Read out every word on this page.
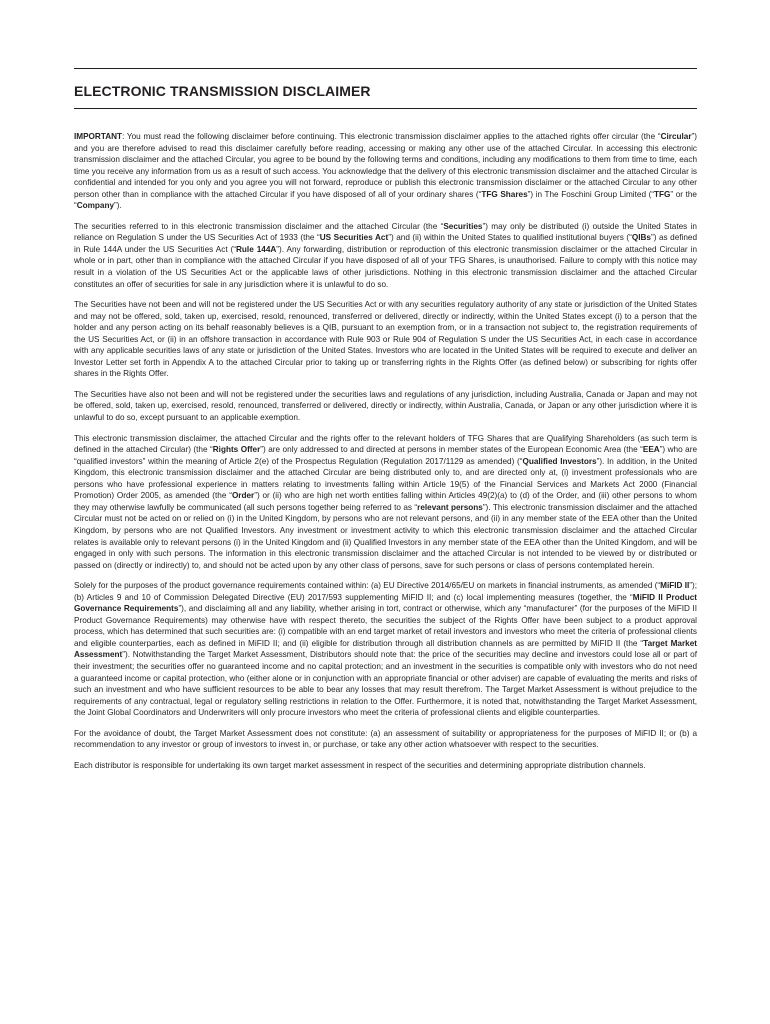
ELECTRONIC TRANSMISSION DISCLAIMER

IMPORTANT: You must read the following disclaimer before continuing. This electronic transmission disclaimer applies to the attached rights offer circular (the “Circular”) and you are therefore advised to read this disclaimer carefully before reading, accessing or making any other use of the attached Circular. In accessing this electronic transmission disclaimer and the attached Circular, you agree to be bound by the following terms and conditions, including any modifications to them from time to time, each time you receive any information from us as a result of such access. You acknowledge that the delivery of this electronic transmission disclaimer and the attached Circular is confidential and intended for you only and you agree you will not forward, reproduce or publish this electronic transmission disclaimer or the attached Circular to any other person other than in compliance with the attached Circular if you have disposed of all of your ordinary shares (“TFG Shares”) in The Foschini Group Limited (“TFG” or the “Company”).

The securities referred to in this electronic transmission disclaimer and the attached Circular (the “Securities”) may only be distributed (i) outside the United States in reliance on Regulation S under the US Securities Act of 1933 (the “US Securities Act”) and (ii) within the United States to qualified institutional buyers (“QIBs”) as defined in Rule 144A under the US Securities Act (“Rule 144A”). Any forwarding, distribution or reproduction of this electronic transmission disclaimer or the attached Circular in whole or in part, other than in compliance with the attached Circular if you have disposed of all of your TFG Shares, is unauthorised. Failure to comply with this notice may result in a violation of the US Securities Act or the applicable laws of other jurisdictions. Nothing in this electronic transmission disclaimer and the attached Circular constitutes an offer of securities for sale in any jurisdiction where it is unlawful to do so.

The Securities have not been and will not be registered under the US Securities Act or with any securities regulatory authority of any state or jurisdiction of the United States and may not be offered, sold, taken up, exercised, resold, renounced, transferred or delivered, directly or indirectly, within the United States except (i) to a person that the holder and any person acting on its behalf reasonably believes is a QIB, pursuant to an exemption from, or in a transaction not subject to, the registration requirements of the US Securities Act, or (ii) in an offshore transaction in accordance with Rule 903 or Rule 904 of Regulation S under the US Securities Act, in each case in accordance with any applicable securities laws of any state or jurisdiction of the United States. Investors who are located in the United States will be required to execute and deliver an Investor Letter set forth in Appendix A to the attached Circular prior to taking up or transferring rights in the Rights Offer (as defined below) or subscribing for rights offer shares in the Rights Offer.

The Securities have also not been and will not be registered under the securities laws and regulations of any jurisdiction, including Australia, Canada or Japan and may not be offered, sold, taken up, exercised, resold, renounced, transferred or delivered, directly or indirectly, within Australia, Canada, or Japan or any other jurisdiction where it is unlawful to do so, except pursuant to an applicable exemption.

This electronic transmission disclaimer, the attached Circular and the rights offer to the relevant holders of TFG Shares that are Qualifying Shareholders (as such term is defined in the attached Circular) (the “Rights Offer”) are only addressed to and directed at persons in member states of the European Economic Area (the “EEA”) who are “qualified investors” within the meaning of Article 2(e) of the Prospectus Regulation (Regulation 2017/1129 as amended) (“Qualified Investors”). In addition, in the United Kingdom, this electronic transmission disclaimer and the attached Circular are being distributed only to, and are directed only at, (i) investment professionals who are persons who have professional experience in matters relating to investments falling within Article 19(5) of the Financial Services and Markets Act 2000 (Financial Promotion) Order 2005, as amended (the “Order”) or (ii) who are high net worth entities falling within Articles 49(2)(a) to (d) of the Order, and (iii) other persons to whom they may otherwise lawfully be communicated (all such persons together being referred to as “relevant persons”). This electronic transmission disclaimer and the attached Circular must not be acted on or relied on (i) in the United Kingdom, by persons who are not relevant persons, and (ii) in any member state of the EEA other than the United Kingdom, by persons who are not Qualified Investors. Any investment or investment activity to which this electronic transmission disclaimer and the attached Circular relates is available only to relevant persons (i) in the United Kingdom and (ii) Qualified Investors in any member state of the EEA other than the United Kingdom, and will be engaged in only with such persons. The information in this electronic transmission disclaimer and the attached Circular is not intended to be viewed by or distributed or passed on (directly or indirectly) to, and should not be acted upon by any other class of persons, save for such persons or class of persons contemplated herein.

Solely for the purposes of the product governance requirements contained within: (a) EU Directive 2014/65/EU on markets in financial instruments, as amended (“MiFID II”); (b) Articles 9 and 10 of Commission Delegated Directive (EU) 2017/593 supplementing MiFID II; and (c) local implementing measures (together, the “MiFID II Product Governance Requirements”), and disclaiming all and any liability, whether arising in tort, contract or otherwise, which any “manufacturer” (for the purposes of the MiFID II Product Governance Requirements) may otherwise have with respect thereto, the securities the subject of the Rights Offer have been subject to a product approval process, which has determined that such securities are: (i) compatible with an end target market of retail investors and investors who meet the criteria of professional clients and eligible counterparties, each as defined in MiFID II; and (ii) eligible for distribution through all distribution channels as are permitted by MiFID II (the “Target Market Assessment”). Notwithstanding the Target Market Assessment, Distributors should note that: the price of the securities may decline and investors could lose all or part of their investment; the securities offer no guaranteed income and no capital protection; and an investment in the securities is compatible only with investors who do not need a guaranteed income or capital protection, who (either alone or in conjunction with an appropriate financial or other adviser) are capable of evaluating the merits and risks of such an investment and who have sufficient resources to be able to bear any losses that may result therefrom. The Target Market Assessment is without prejudice to the requirements of any contractual, legal or regulatory selling restrictions in relation to the Offer. Furthermore, it is noted that, notwithstanding the Target Market Assessment, the Joint Global Coordinators and Underwriters will only procure investors who meet the criteria of professional clients and eligible counterparties.

For the avoidance of doubt, the Target Market Assessment does not constitute: (a) an assessment of suitability or appropriateness for the purposes of MiFID II; or (b) a recommendation to any investor or group of investors to invest in, or purchase, or take any other action whatsoever with respect to the securities.

Each distributor is responsible for undertaking its own target market assessment in respect of the securities and determining appropriate distribution channels.
